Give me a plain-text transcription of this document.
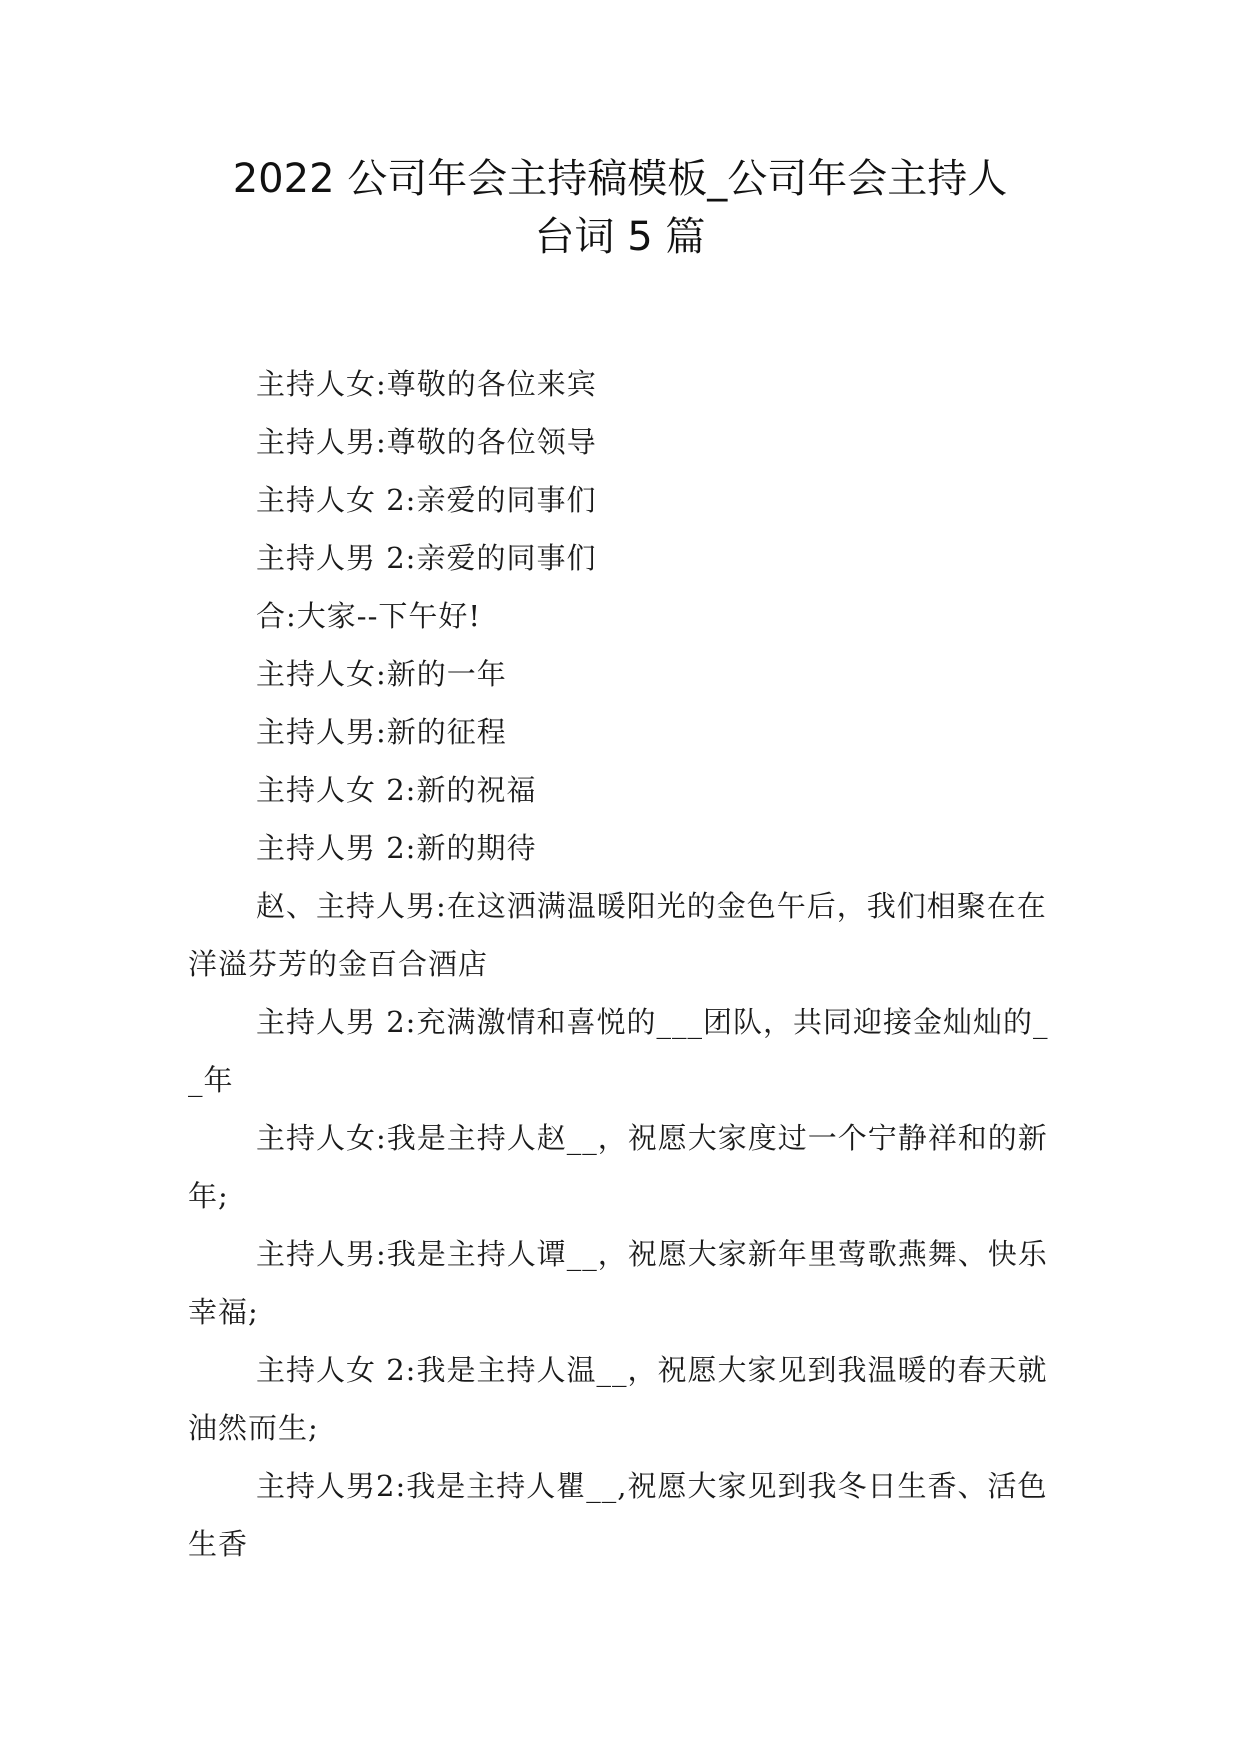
2022 公司年会主持稿模板_公司年会主持人
台词 5 篇

主持人女:尊敬的各位来宾

主持人男:尊敬的各位领导

主持人女 2:亲爱的同事们

主持人男 2:亲爱的同事们

合:大家--下午好!

主持人女:新的一年

主持人男:新的征程

主持人女 2:新的祝福

主持人男 2:新的期待

赵、主持人男:在这洒满温暖阳光的金色午后，我们相聚在在洋溢芬芳的金百合酒店

主持人男 2:充满激情和喜悦的___团队，共同迎接金灿灿的__年

主持人女:我是主持人赵__，祝愿大家度过一个宁静祥和的新年;

主持人男:我是主持人谭__，祝愿大家新年里莺歌燕舞、快乐幸福;

主持人女 2:我是主持人温__，祝愿大家见到我温暖的春天就油然而生;

主持人男2:我是主持人瞿__,祝愿大家见到我冬日生香、活色生香
